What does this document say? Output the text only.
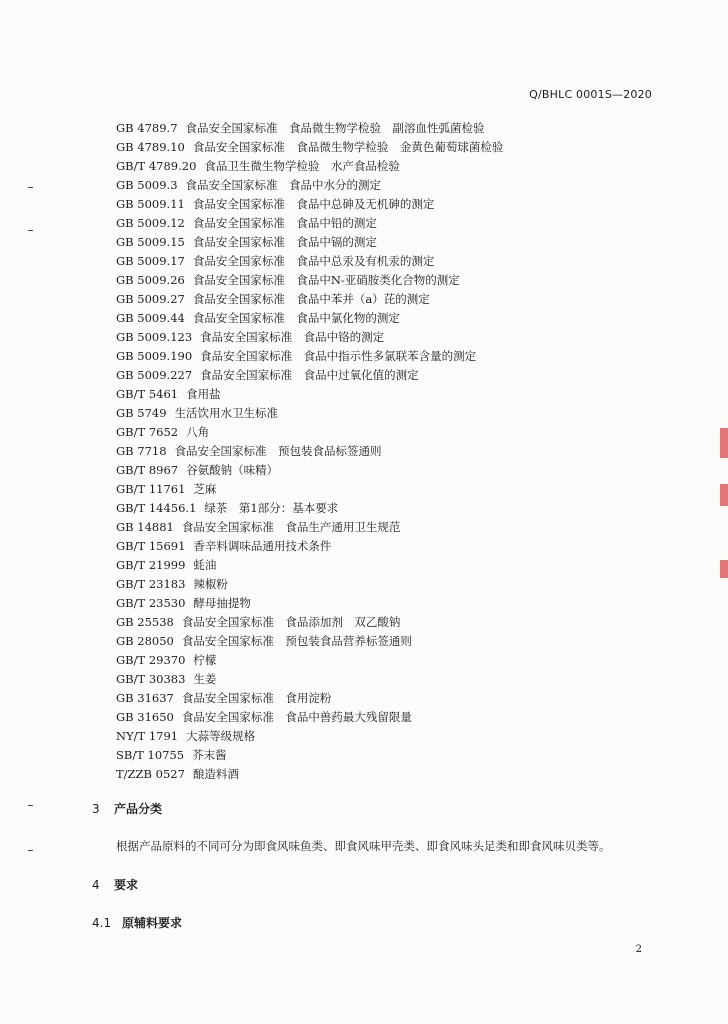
Q/BHLC 0001S—2020
GB 4789.7 食品安全国家标准　食品微生物学检验　副溶血性弧菌检验
GB 4789.10 食品安全国家标准　食品微生物学检验　金黄色葡萄球菌检验
GB/T 4789.20 食品卫生微生物学检验　水产食品检验
GB 5009.3 食品安全国家标准　食品中水分的测定
GB 5009.11 食品安全国家标准　食品中总砷及无机砷的测定
GB 5009.12 食品安全国家标准　食品中铅的测定
GB 5009.15 食品安全国家标准　食品中镉的测定
GB 5009.17 食品安全国家标准　食品中总汞及有机汞的测定
GB 5009.26 食品安全国家标准　食品中N-亚硝胺类化合物的测定
GB 5009.27 食品安全国家标准　食品中苯并（a）芘的测定
GB 5009.44 食品安全国家标准　食品中氯化物的测定
GB 5009.123 食品安全国家标准　食品中铬的测定
GB 5009.190 食品安全国家标准　食品中指示性多氯联苯含量的测定
GB 5009.227 食品安全国家标准　食品中过氧化值的测定
GB/T 5461 食用盐
GB 5749 生活饮用水卫生标准
GB/T 7652 八角
GB 7718 食品安全国家标准　预包装食品标签通则
GB/T 8967 谷氨酸钠（味精）
GB/T 11761 芝麻
GB/T 14456.1 绿茶　第1部分：基本要求
GB 14881 食品安全国家标准　食品生产通用卫生规范
GB/T 15691 香辛料调味品通用技术条件
GB/T 21999 蚝油
GB/T 23183 辣椒粉
GB/T 23530 酵母抽提物
GB 25538 食品安全国家标准　食品添加剂　双乙酸钠
GB 28050 食品安全国家标准　预包装食品营养标签通则
GB/T 29370 柠檬
GB/T 30383 生姜
GB 31637 食品安全国家标准　食用淀粉
GB 31650 食品安全国家标准　食品中兽药最大残留限量
NY/T 1791 大蒜等级规格
SB/T 10755 芥末酱
T/ZZB 0527 酿造料酒
3 产品分类
根据产品原料的不同可分为即食风味鱼类、即食风味甲壳类、即食风味头足类和即食风味贝类等。
4 要求
4.1 原辅料要求
2
